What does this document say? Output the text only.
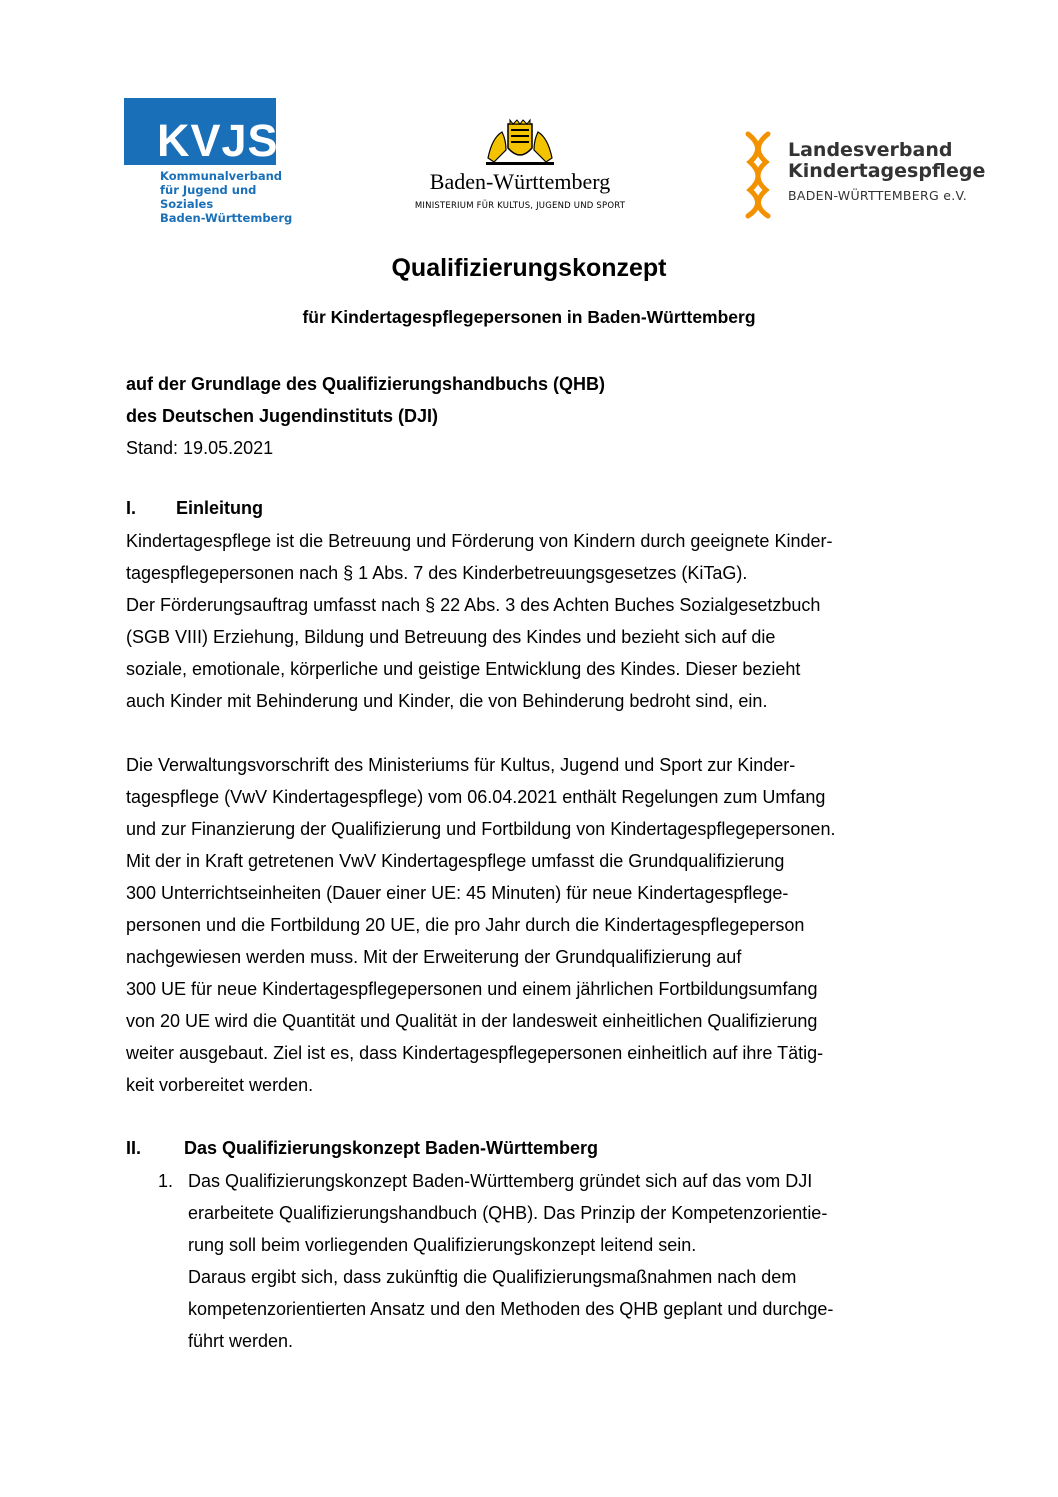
KVJS
Kommunalverband
für Jugend und Soziales
Baden-Württemberg
Baden-Württemberg
MINISTERIUM FÜR KULTUS, JUGEND UND SPORT
Landesverband
Kindertagespflege
BADEN-WÜRTTEMBERG e.V.
Qualifizierungskonzept
für Kindertagespflegepersonen in Baden-Württemberg
auf der Grundlage des Qualifizierungshandbuchs (QHB)
des Deutschen Jugendinstituts (DJI)
Stand: 19.05.2021
I. Einleitung
Kindertagespflege ist die Betreuung und Förderung von Kindern durch geeignete Kinder-
tagespflegepersonen nach § 1 Abs. 7 des Kinderbetreuungsgesetzes (KiTaG).
Der Förderungsauftrag umfasst nach § 22 Abs. 3 des Achten Buches Sozialgesetzbuch
(SGB VIII) Erziehung, Bildung und Betreuung des Kindes und bezieht sich auf die
soziale, emotionale, körperliche und geistige Entwicklung des Kindes. Dieser bezieht
auch Kinder mit Behinderung und Kinder, die von Behinderung bedroht sind, ein.
Die Verwaltungsvorschrift des Ministeriums für Kultus, Jugend und Sport zur Kinder-
tagespflege (VwV Kindertagespflege) vom 06.04.2021 enthält Regelungen zum Umfang
und zur Finanzierung der Qualifizierung und Fortbildung von Kindertagespflegepersonen.
Mit der in Kraft getretenen VwV Kindertagespflege umfasst die Grundqualifizierung
300 Unterrichtseinheiten (Dauer einer UE: 45 Minuten) für neue Kindertagespflege-
personen und die Fortbildung 20 UE, die pro Jahr durch die Kindertagespflegeperson
nachgewiesen werden muss. Mit der Erweiterung der Grundqualifizierung auf
300 UE für neue Kindertagespflegepersonen und einem jährlichen Fortbildungsumfang
von 20 UE wird die Quantität und Qualität in der landesweit einheitlichen Qualifizierung
weiter ausgebaut. Ziel ist es, dass Kindertagespflegepersonen einheitlich auf ihre Tätig-
keit vorbereitet werden.
II. Das Qualifizierungskonzept Baden-Württemberg
1. Das Qualifizierungskonzept Baden-Württemberg gründet sich auf das vom DJI
erarbeitete Qualifizierungshandbuch (QHB). Das Prinzip der Kompetenzorientie-
rung soll beim vorliegenden Qualifizierungskonzept leitend sein.
Daraus ergibt sich, dass zukünftig die Qualifizierungsmaßnahmen nach dem
kompetenzorientierten Ansatz und den Methoden des QHB geplant und durchge-
führt werden.
